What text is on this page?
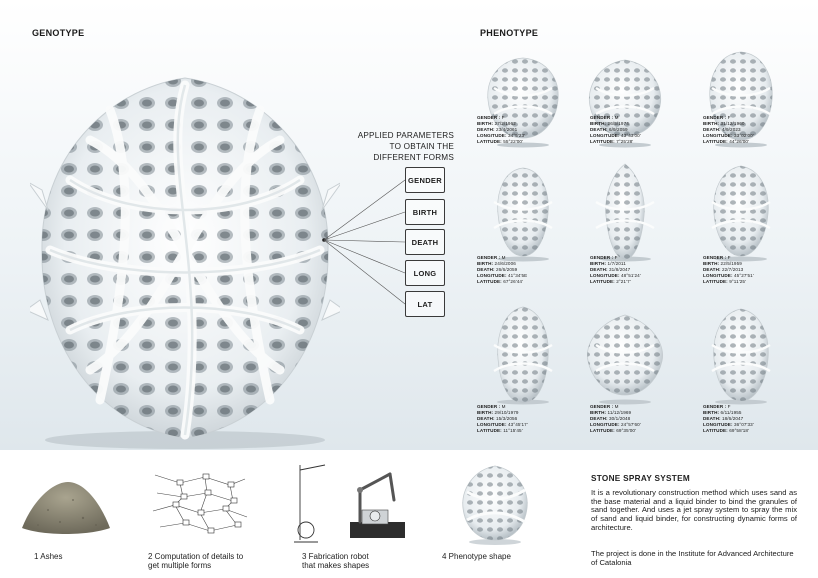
GENOTYPE	PHENOTYPE
APPLIED PARAMETERS
TO OBTAIN THE
DIFFERENT FORMS
GENDER
BIRTH
DEATH
LONG
LAT
GENDER : F
BIRTH: 27/2/1962
DEATH: 23/4/2061
LONGITUDE: 34°5'23'
LATITUDE: 55°22'00'
GENDER : M
BIRTH: 26/5/1974
DEATH: 6/9/2059
LONGITUDE: 43°43'00'
LATITUDE: 7°25'28'
GENDER : F
BIRTH: 31/12/1960
DEATH: 4/9/2023
LONGITUDE: 33°02'00'
LATITUDE: 44°26'00'
GENDER : M
BIRTH: 24/6/2006
DEATH: 26/6/2059
LONGITUDE: 41°34'5E
LATITUDE: 67°26'44'
GENDER : F
BIRTH: 1/7/2011
DEATH: 31/8/2047
LONGITUDE: 48°51'24'
LATITUDE: 2°21'7'
GENDER : F
BIRTH: 22/5/1959
DEATH: 22/7/2013
LONGITUDE: 45°27'51'
LATITUDE: 9°11'25'
GENDER : M
BIRTH: 29/10/1979
DEATH: 15/3/2056
LONGITUDE: 43°45'17'
LATITUDE: 11°15'45'
GENDER : M
BIRTH: 11/12/1969
DEATH: 30/1/2048
LONGITUDE: 24°57'60'
LATITUDE: 69°35'00'
GENDER : F
BIRTH: 6/11/1955
DEATH: 18/6/2047
LONGITUDE: 36°07'33'
LATITUDE: 69°58'18'
1 Ashes	2 Computation of details to
get multiple forms
3 Fabrication robot
that makes shapes
4 Phenotype shape
STONE SPRAY SYSTEM
It is a revolutionary construction method which uses sand as the base material and a liquid binder to bind the granules of sand together. And uses a jet spray system to spray the mix of sand and liquid binder, for constructing dynamic forms of architecture.
The project is done in the Institute for Advanced Architecture of Catalonia
